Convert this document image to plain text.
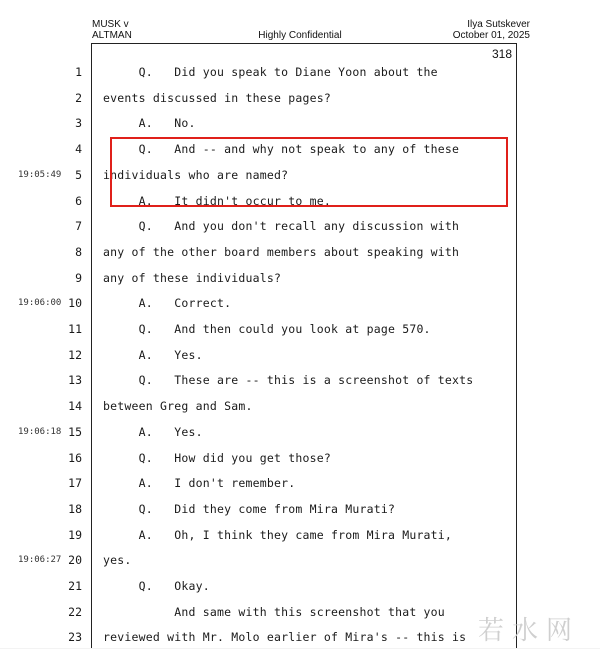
MUSK v
ALTMAN	Highly Confidential
Ilya Sutskever
October 01, 2025
318
1 Q.   Did you speak to Diane Yoon about the
2 events discussed in these pages?
3 A.   No.
4 Q.   And -- and why not speak to any of these
19:05:49	5 individuals who are named?
6 A.   It didn't occur to me.
7 Q.   And you don't recall any discussion with
8 any of the other board members about speaking with
9 any of these individuals?
19:06:00 10 A.   Correct.
11 Q.   And then could you look at page 570.
12 A.   Yes.
13 Q.   These are -- this is a screenshot of texts
14 between Greg and Sam.
19:06:18 15 A.   Yes.
16 Q.   How did you get those?
17 A.   I don't remember.
18 Q.   Did they come from Mira Murati?
19 A.   Oh, I think they came from Mira Murati,
19:06:27 20 yes.
21 Q.   Okay.
22 And same with this screenshot that you
23 reviewed with Mr. Molo earlier of Mira's -- this is 若水网
